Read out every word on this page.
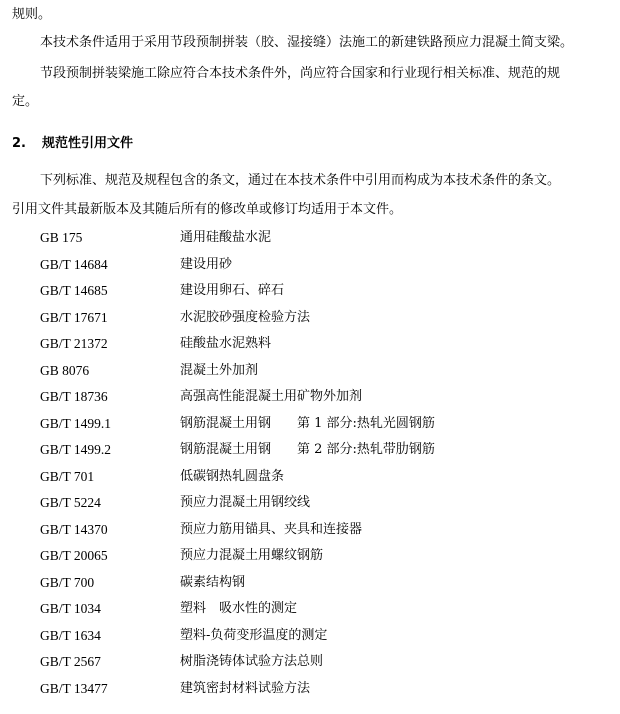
规则。
本技术条件适用于采用节段预制拼装（胶、湿接缝）法施工的新建铁路预应力混凝土简支梁。
节段预制拼装梁施工除应符合本技术条件外，尚应符合国家和行业现行相关标准、规范的规
定。
2. 规范性引用文件
下列标准、规范及规程包含的条文，通过在本技术条件中引用而构成为本技术条件的条文。
引用文件其最新版本及其随后所有的修改单或修订均适用于本文件。
GB 175	通用硅酸盐水泥
GB/T 14684	建设用砂
GB/T 14685	建设用卵石、碎石
GB/T 17671	水泥胶砂强度检验方法
GB/T 21372	硅酸盐水泥熟料
GB 8076	混凝土外加剂
GB/T 18736	高强高性能混凝土用矿物外加剂
GB/T 1499.1	钢筋混凝土用钢　　第 1 部分:热轧光圆钢筋
GB/T 1499.2	钢筋混凝土用钢　　第 2 部分:热轧带肋钢筋
GB/T 701	低碳钢热轧圆盘条
GB/T 5224	预应力混凝土用钢绞线
GB/T 14370	预应力筋用锚具、夹具和连接器
GB/T 20065	预应力混凝土用螺纹钢筋
GB/T 700	碳素结构钢
GB/T 1034	塑料　吸水性的测定
GB/T 1634	塑料-负荷变形温度的测定
GB/T 2567	树脂浇铸体试验方法总则
GB/T 13477	建筑密封材料试验方法
